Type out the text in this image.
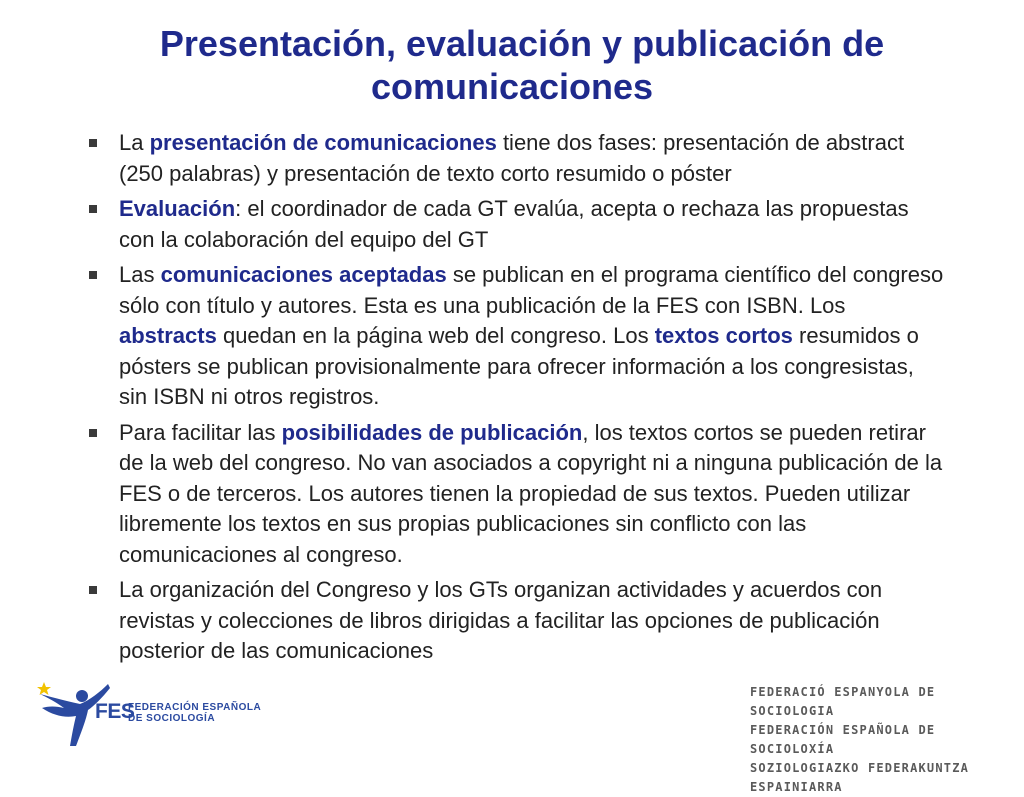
Presentación, evaluación y publicación de
comunicaciones
La presentación de comunicaciones tiene dos fases: presentación de abstract (250 palabras) y presentación de texto corto resumido o póster
Evaluación: el coordinador de cada GT evalúa, acepta o rechaza las propuestas con la colaboración del equipo del GT
Las comunicaciones aceptadas se publican en el programa científico del congreso sólo con título y autores. Esta es una publicación de la FES con ISBN. Los abstracts quedan en la página web del congreso. Los textos cortos resumidos o pósters se publican provisionalmente para ofrecer información a los congresistas, sin ISBN ni otros registros.
Para facilitar las posibilidades de publicación, los textos cortos se pueden retirar de la web del congreso. No van asociados a copyright ni a ninguna publicación de la FES o de terceros. Los autores tienen la propiedad de sus textos. Pueden utilizar libremente los textos en sus propias publicaciones sin conflicto con las comunicaciones al congreso.
La organización del Congreso y los GTs organizan actividades y acuerdos con revistas y colecciones de libros dirigidas a facilitar las opciones de publicación posterior de las comunicaciones
FES
FEDERACIÓN ESPAÑOLA
DE SOCIOLOGÍA
FEDERACIÓ ESPANYOLA DE SOCIOLOGIA
FEDERACIÓN ESPAÑOLA DE SOCIOLOXÍA
SOZIOLOGIAZKO FEDERAKUNTZA ESPAINIARRA
